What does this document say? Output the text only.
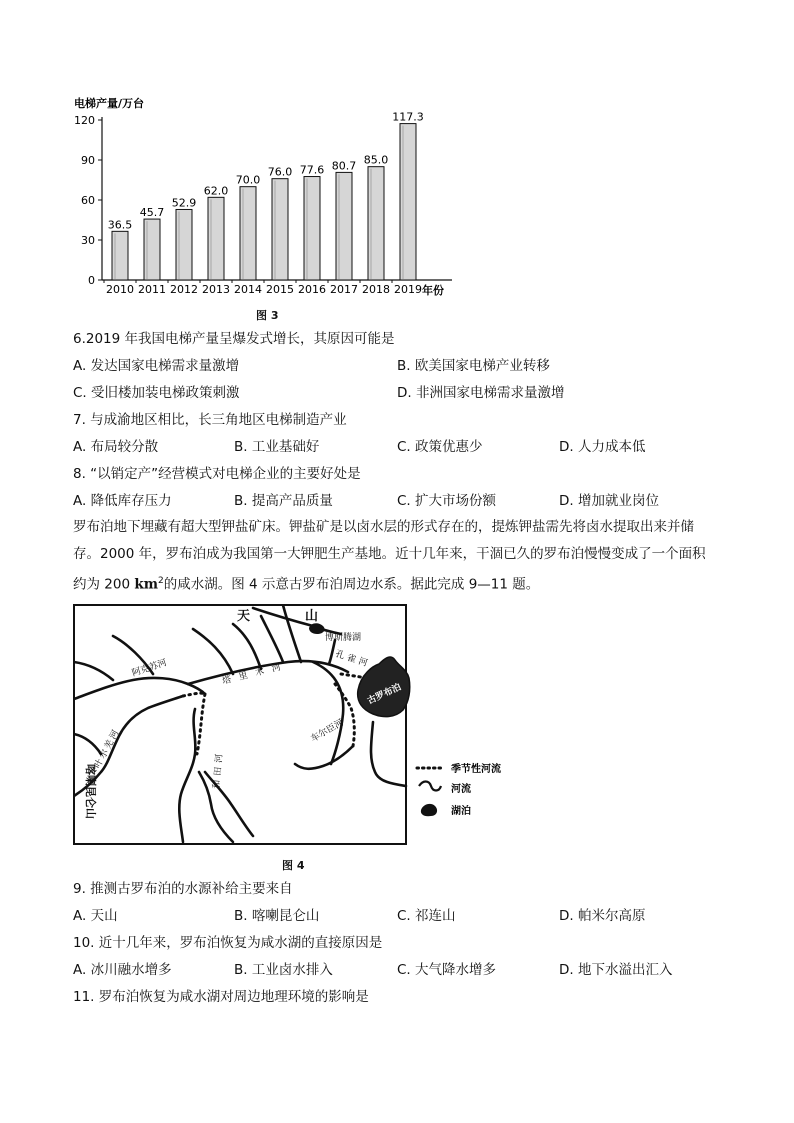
电梯产量/万台
0
30
60
90
120
36.5
2010
45.7
2011
52.9
2012
62.0
2013
70.0
2014
76.0
2015
77.6
2016
80.7
2017
85.0
2018
117.3
2019 年份
图 3
6.2019 年我国电梯产量呈爆发式增长，其原因可能是
A. 发达国家电梯需求量激增	B. 欧美国家电梯产业转移
C. 受旧楼加装电梯政策刺激	D. 非洲国家电梯需求量激增
7. 与成渝地区相比，长三角地区电梯制造产业
A. 布局较分散	B. 工业基础好	C. 政策优惠少	D. 人力成本低
8. “以销定产”经营模式对电梯企业的主要好处是
A. 降低库存压力	B. 提高产品质量	C. 扩大市场份额	D. 增加就业岗位
罗布泊地下埋藏有超大型钾盐矿床。钾盐矿是以卤水层的形式存在的，提炼钾盐需先将卤水提取出来并储
存。2000 年，罗布泊成为我国第一大钾肥生产基地。近十几年来，干涸已久的罗布泊慢慢变成了一个面积
约为 200 $km^2$的咸水湖。图 4 示意古罗布泊周边水系。据此完成 9—11 题。
天	山
博斯腾湖
阿克苏河	塔里木河
孔雀河
车尔臣河
叶尔羌河	和田河
古罗布泊
喀喇昆仑山	季节性河流
河流
湖泊
图 4
9. 推测古罗布泊的水源补给主要来自
A. 天山	B. 喀喇昆仑山	C. 祁连山	D. 帕米尔高原
10. 近十几年来，罗布泊恢复为咸水湖的直接原因是
A. 冰川融水增多	B. 工业卤水排入	C. 大气降水增多	D. 地下水溢出汇入
11. 罗布泊恢复为咸水湖对周边地理环境的影响是
